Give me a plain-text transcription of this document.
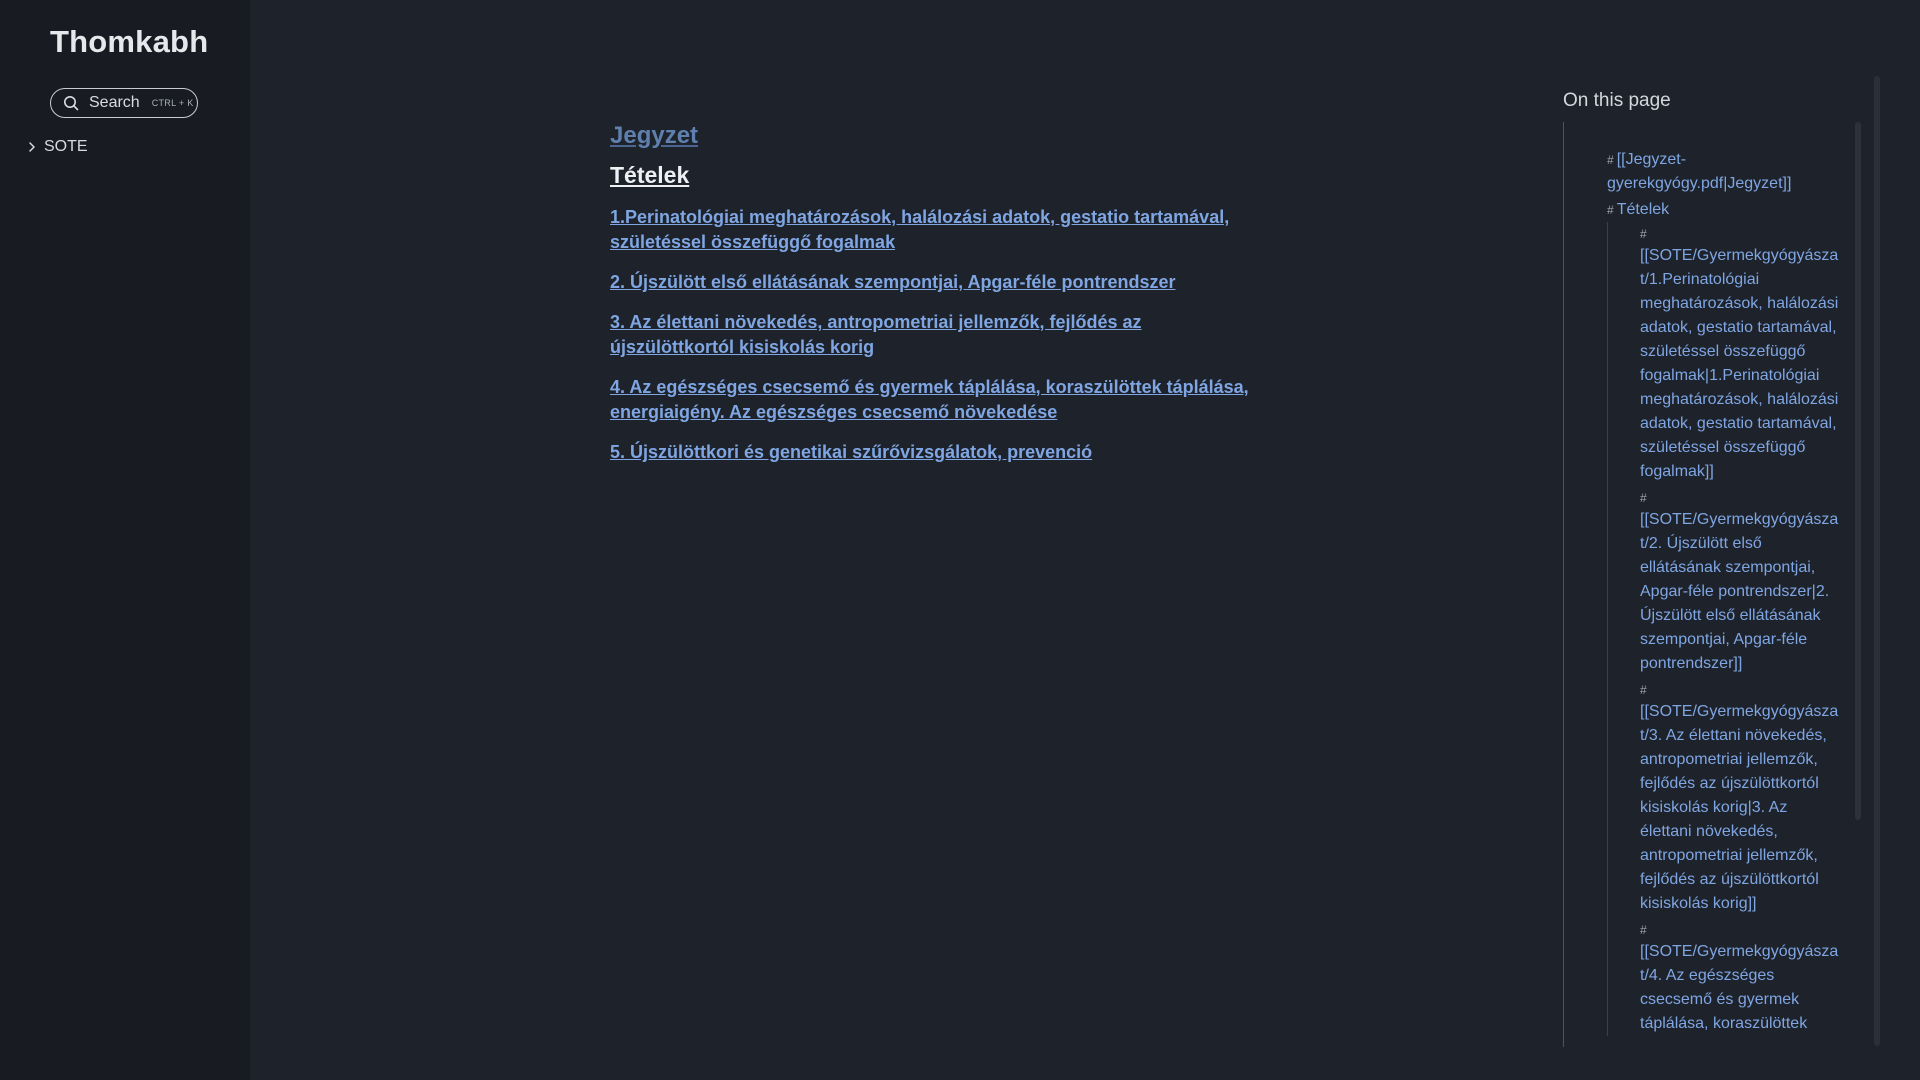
Thomkabh
Search CTRL + K
SOTE	Jegyzet
Tételek
1.Perinatológiai meghatározások, halálozási adatok, gestatio tartamával, születéssel összefüggő fogalmak
2. Újszülött első ellátásának szempontjai, Apgar-féle pontrendszer
3. Az élettani növekedés, antropometriai jellemzők, fejlődés az újszülöttkortól kisiskolás korig
4. Az egészséges csecsemő és gyermek táplálása, koraszülöttek táplálása, energiaigény. Az egészséges csecsemő növekedése
5. Újszülöttkori és genetikai szűrővizsgálatok, prevenció
On this page
# [[Jegyzet-gyerekgyógy.pdf|Jegyzet]]
# Tételek
#
[[SOTE/Gyermekgyógyászat/1.Perinatológiai meghatározások, halálozási adatok, gestatio tartamával, születéssel összefüggő fogalmak|1.Perinatológiai meghatározások, halálozási adatok, gestatio tartamával, születéssel összefüggő fogalmak]]
#
[[SOTE/Gyermekgyógyászat/2. Újszülött első ellátásának szempontjai, Apgar-féle pontrendszer|2. Újszülött első ellátásának szempontjai, Apgar-féle pontrendszer]]
#
[[SOTE/Gyermekgyógyászat/3. Az élettani növekedés, antropometriai jellemzők, fejlődés az újszülöttkortól kisiskolás korig|3. Az élettani növekedés, antropometriai jellemzők, fejlődés az újszülöttkortól kisiskolás korig]]
#
[[SOTE/Gyermekgyógyászat/4. Az egészséges csecsemő és gyermek táplálása, koraszülöttek
